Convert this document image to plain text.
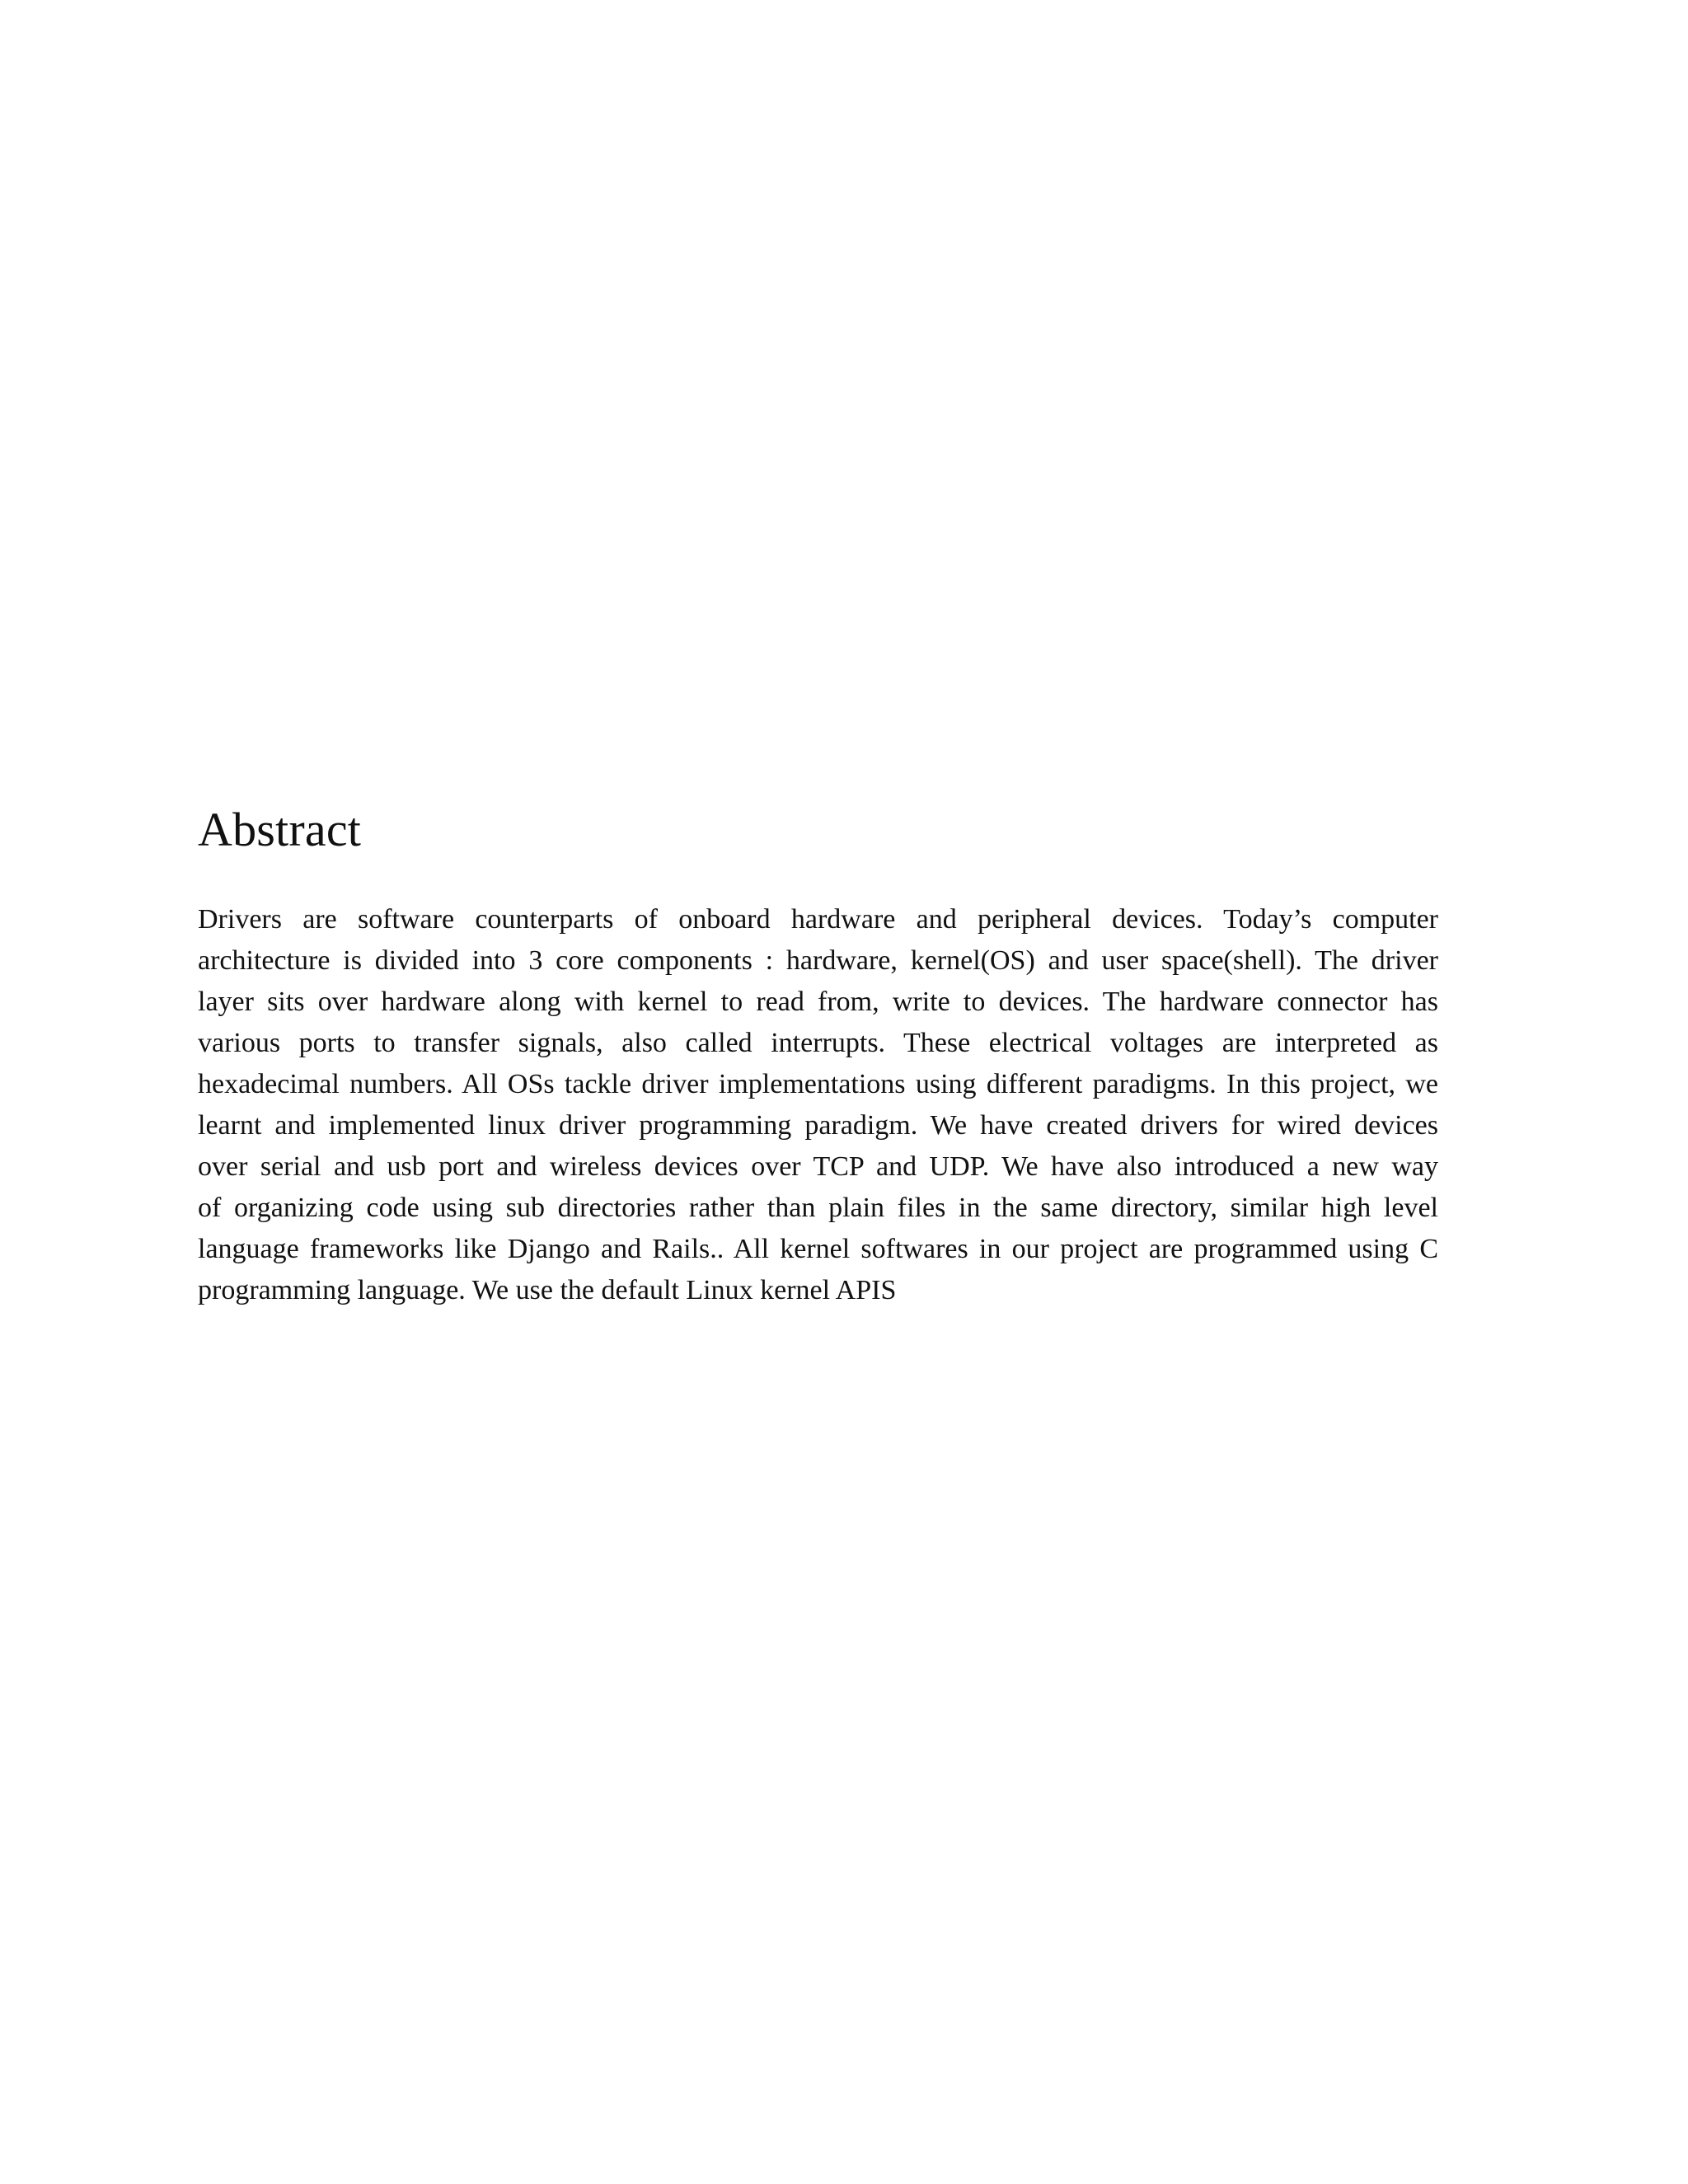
Abstract
Drivers are software counterparts of onboard hardware and peripheral devices. Today’s computer
architecture is divided into 3 core components : hardware, kernel(OS) and user space(shell). The driver
layer sits over hardware along with kernel to read from, write to devices. The hardware connector has
various ports to transfer signals, also called interrupts. These electrical voltages are interpreted as
hexadecimal numbers. All OSs tackle driver implementations using different paradigms. In this project, we
learnt and implemented linux driver programming paradigm. We have created drivers for wired devices
over serial and usb port and wireless devices over TCP and UDP. We have also introduced a new way
of organizing code using sub directories rather than plain files in the same directory, similar high level
language frameworks like Django and Rails.. All kernel softwares in our project are programmed using C
programming language. We use the default Linux kernel APIS
